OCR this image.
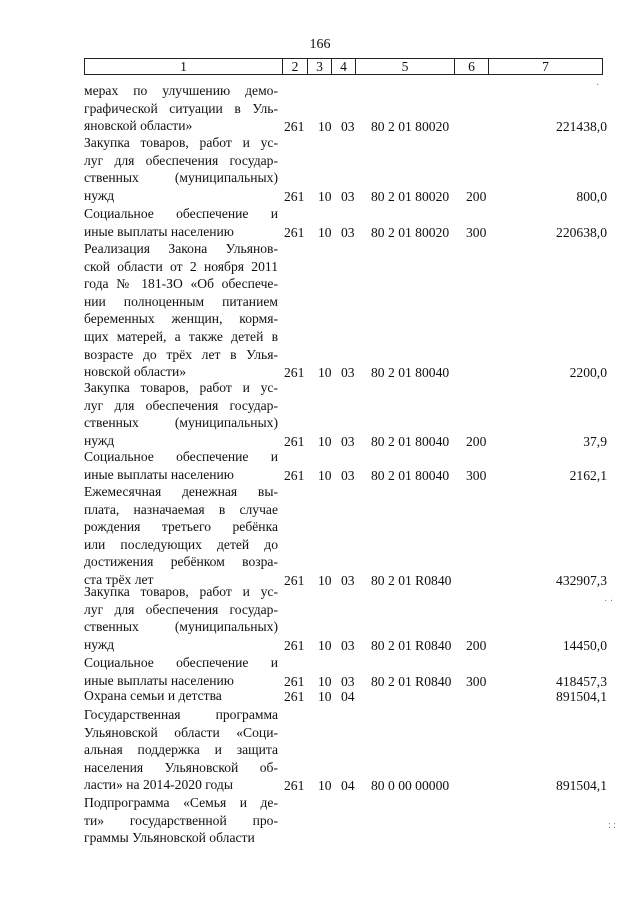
166
1	2	3	4	5	6	7
мерах по улучшению демо-
графической ситуации в Уль-
яновской области»	261 10 03	80 2 01 80020	221438,0
Закупка товаров, работ и ус-
луг для обеспечения государ-
ственных (муниципальных)
нужд	261 10 03	80 2 01 80020	200	800,0
Социальное обеспечение и
иные выплаты населению	261 10 03	80 2 01 80020	300	220638,0
Реализация Закона Ульянов-
ской области от 2 ноября 2011
года № 181-ЗО «Об обеспече-
нии полноценным питанием
беременных женщин, кормя-
щих матерей, а также детей в
возрасте до трёх лет в Улья-
новской области»	261 10 03	80 2 01 80040	2200,0
Закупка товаров, работ и ус-
луг для обеспечения государ-
ственных (муниципальных)
нужд	261 10 03	80 2 01 80040	200	37,9
Социальное обеспечение и
иные выплаты населению	261 10 03	80 2 01 80040	300	2162,1
Ежемесячная денежная вы-
плата, назначаемая в случае
рождения третьего ребёнка
или последующих детей до
достижения ребёнком возра-
ста трёх лет	261 10 03	80 2 01 R0840	432907,3
Закупка товаров, работ и ус-
луг для обеспечения государ-
ственных (муниципальных)
нужд	261 10 03	80 2 01 R0840	200	14450,0
Социальное обеспечение и
иные выплаты населению	261 10 03	80 2 01 R0840	300	418457,3
Охрана семьи и детства	261 10 04	891504,1
Государственная программа
Ульяновской области «Соци-
альная поддержка и защита
населения Ульяновской об-
ласти» на 2014-2020 годы	261 10 04	80 0 00 00000	891504,1
Подпрограмма «Семья и де-
ти» государственной про-
граммы Ульяновской области
·
· ·
: :
